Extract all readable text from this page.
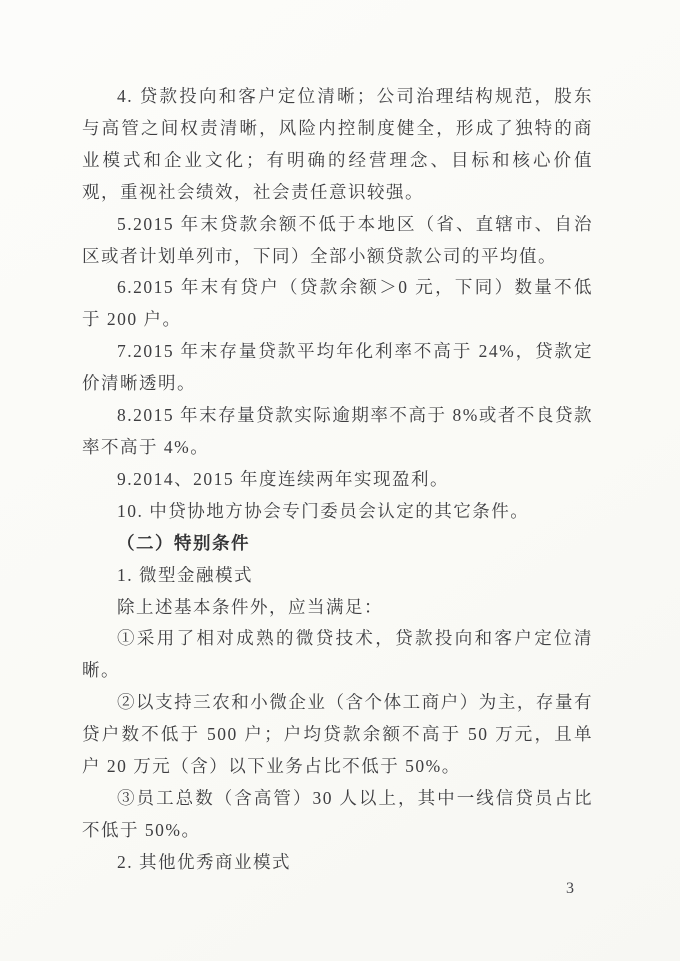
4. 贷款投向和客户定位清晰；公司治理结构规范，股东与高管之间权责清晰，风险内控制度健全，形成了独特的商业模式和企业文化；有明确的经营理念、目标和核心价值观，重视社会绩效，社会责任意识较强。

5.2015 年末贷款余额不低于本地区（省、直辖市、自治区或者计划单列市，下同）全部小额贷款公司的平均值。

6.2015 年末有贷户（贷款余额＞0 元，下同）数量不低于 200 户。

7.2015 年末存量贷款平均年化利率不高于 24%，贷款定价清晰透明。

8.2015 年末存量贷款实际逾期率不高于 8%或者不良贷款率不高于 4%。

9.2014、2015 年度连续两年实现盈利。

10. 中贷协地方协会专门委员会认定的其它条件。

（二）特别条件

1. 微型金融模式

除上述基本条件外，应当满足：

①采用了相对成熟的微贷技术，贷款投向和客户定位清晰。

②以支持三农和小微企业（含个体工商户）为主，存量有贷户数不低于 500 户；户均贷款余额不高于 50 万元，且单户 20 万元（含）以下业务占比不低于 50%。

③员工总数（含高管）30 人以上，其中一线信贷员占比不低于 50%。

2. 其他优秀商业模式

3
